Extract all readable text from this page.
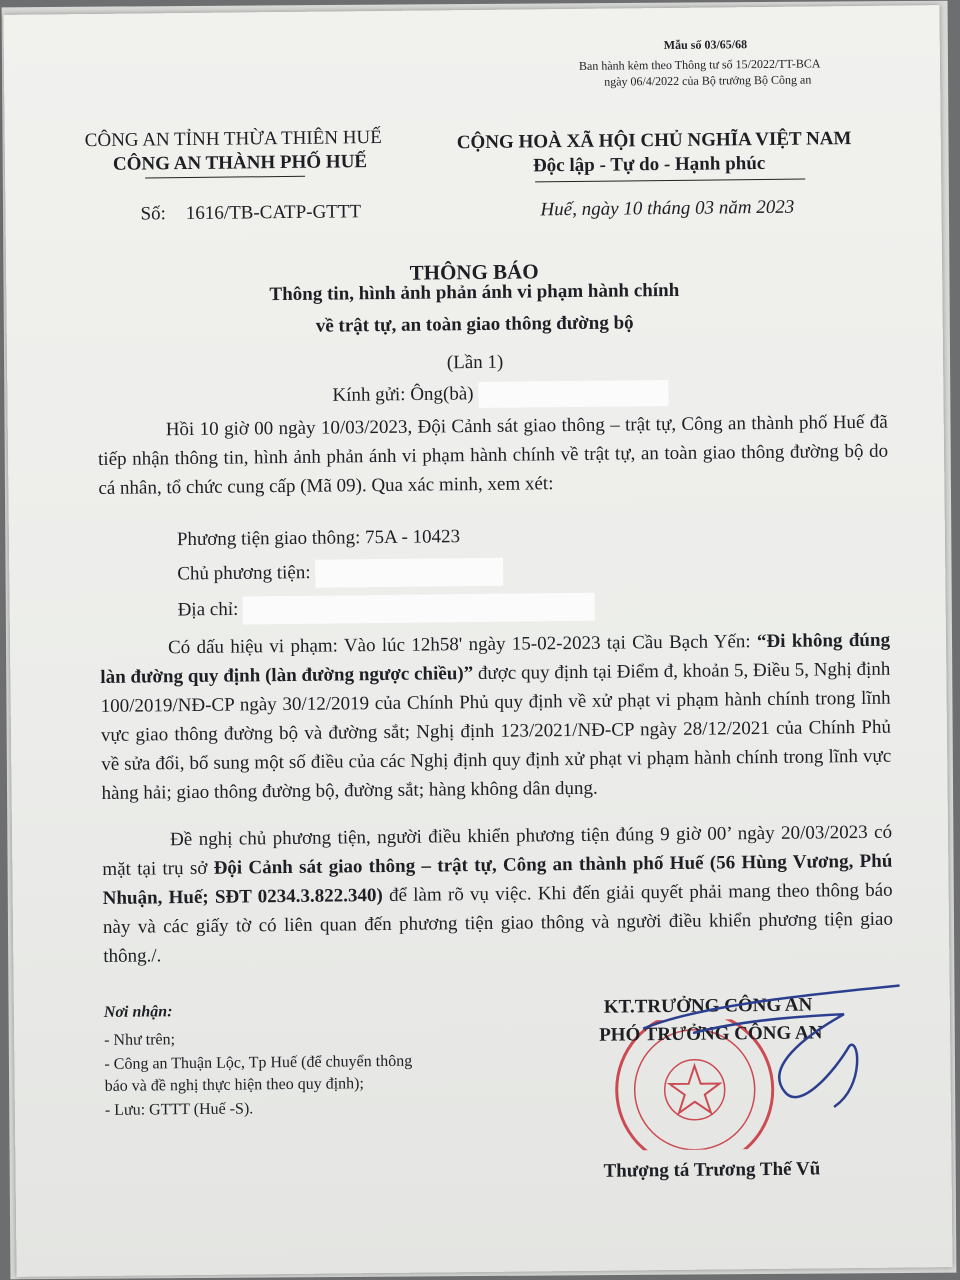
Mẫu số 03/65/68
Ban hành kèm theo Thông tư số 15/2022/TT-BCA
ngày 06/4/2022 của Bộ trưởng Bộ Công an
CÔNG AN TỈNH THỪA THIÊN HUẾ
CÔNG AN THÀNH PHỐ HUẾ
CỘNG HOÀ XÃ HỘI CHỦ NGHĨA VIỆT NAM
Độc lập - Tự do - Hạnh phúc
Số: 1616/TB-CATP-GTTT	Huế, ngày 10 tháng 03 năm 2023
THÔNG BÁO
Thông tin, hình ảnh phản ánh vi phạm hành chính
về trật tự, an toàn giao thông đường bộ
(Lần 1)
Kính gửi: Ông(bà)
Hồi 10 giờ 00 ngày 10/03/2023, Đội Cảnh sát giao thông – trật tự, Công an thành phố Huế đã tiếp nhận thông tin, hình ảnh phản ánh vi phạm hành chính về trật tự, an toàn giao thông đường bộ do cá nhân, tổ chức cung cấp (Mã 09). Qua xác minh, xem xét:
Phương tiện giao thông: 75A - 10423
Chủ phương tiện:
Địa chỉ:
Có dấu hiệu vi phạm: Vào lúc 12h58' ngày 15-02-2023 tại Cầu Bạch Yến: “Đi không đúng làn đường quy định (làn đường ngược chiều)” được quy định tại Điểm đ, khoản 5, Điều 5, Nghị định 100/2019/NĐ-CP ngày 30/12/2019 của Chính Phủ quy định về xử phạt vi phạm hành chính trong lĩnh vực giao thông đường bộ và đường sắt; Nghị định 123/2021/NĐ-CP ngày 28/12/2021 của Chính Phủ về sửa đổi, bổ sung một số điều của các Nghị định quy định xử phạt vi phạm hành chính trong lĩnh vực hàng hải; giao thông đường bộ, đường sắt; hàng không dân dụng.
Đề nghị chủ phương tiện, người điều khiển phương tiện đúng 9 giờ 00’ ngày 20/03/2023 có mặt tại trụ sở Đội Cảnh sát giao thông – trật tự, Công an thành phố Huế (56 Hùng Vương, Phú Nhuận, Huế; SĐT 0234.3.822.340) để làm rõ vụ việc. Khi đến giải quyết phải mang theo thông báo này và các giấy tờ có liên quan đến phương tiện giao thông và người điều khiển phương tiện giao thông./.
Nơi nhận:
- Như trên;
- Công an Thuận Lộc, Tp Huế (để chuyển thông
báo và đề nghị thực hiện theo quy định);
- Lưu: GTTT (Huế -S).
KT.TRƯỞNG CÔNG AN
PHÓ TRƯỞNG CÔNG AN
Thượng tá Trương Thế Vũ
